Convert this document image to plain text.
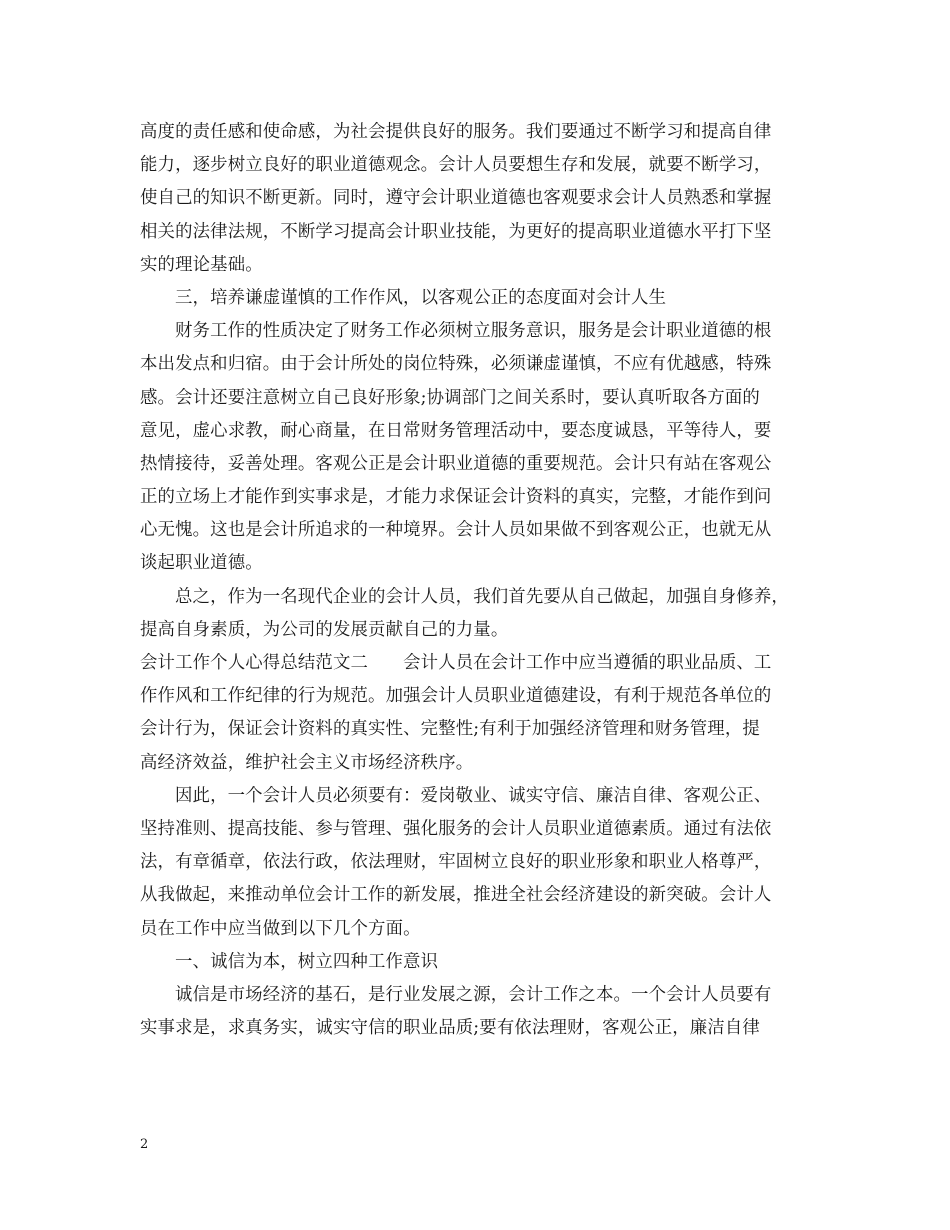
高度的责任感和使命感，为社会提供良好的服务。我们要通过不断学习和提高自律
能力，逐步树立良好的职业道德观念。会计人员要想生存和发展，就要不断学习，
使自己的知识不断更新。同时，遵守会计职业道德也客观要求会计人员熟悉和掌握
相关的法律法规，不断学习提高会计职业技能，为更好的提高职业道德水平打下坚
实的理论基础。
三，培养谦虚谨慎的工作作风，以客观公正的态度面对会计人生
财务工作的性质决定了财务工作必须树立服务意识，服务是会计职业道德的根
本出发点和归宿。由于会计所处的岗位特殊，必须谦虚谨慎，不应有优越感，特殊
感。会计还要注意树立自己良好形象;协调部门之间关系时，要认真听取各方面的
意见，虚心求教，耐心商量，在日常财务管理活动中，要态度诚恳，平等待人，要
热情接待，妥善处理。客观公正是会计职业道德的重要规范。会计只有站在客观公
正的立场上才能作到实事求是，才能力求保证会计资料的真实，完整，才能作到问
心无愧。这也是会计所追求的一种境界。会计人员如果做不到客观公正，也就无从
谈起职业道德。
总之，作为一名现代企业的会计人员，我们首先要从自己做起，加强自身修养，
提高自身素质，为公司的发展贡献自己的力量。
会计工作个人心得总结范文二　　会计人员在会计工作中应当遵循的职业品质、工
作作风和工作纪律的行为规范。加强会计人员职业道德建设，有利于规范各单位的
会计行为，保证会计资料的真实性、完整性;有利于加强经济管理和财务管理，提
高经济效益，维护社会主义市场经济秩序。
因此，一个会计人员必须要有：爱岗敬业、诚实守信、廉洁自律、客观公正、
坚持准则、提高技能、参与管理、强化服务的会计人员职业道德素质。通过有法依
法，有章循章，依法行政，依法理财，牢固树立良好的职业形象和职业人格尊严，
从我做起，来推动单位会计工作的新发展，推进全社会经济建设的新突破。会计人
员在工作中应当做到以下几个方面。
一、诚信为本，树立四种工作意识
诚信是市场经济的基石，是行业发展之源，会计工作之本。一个会计人员要有
实事求是，求真务实，诚实守信的职业品质;要有依法理财，客观公正，廉洁自律
2
